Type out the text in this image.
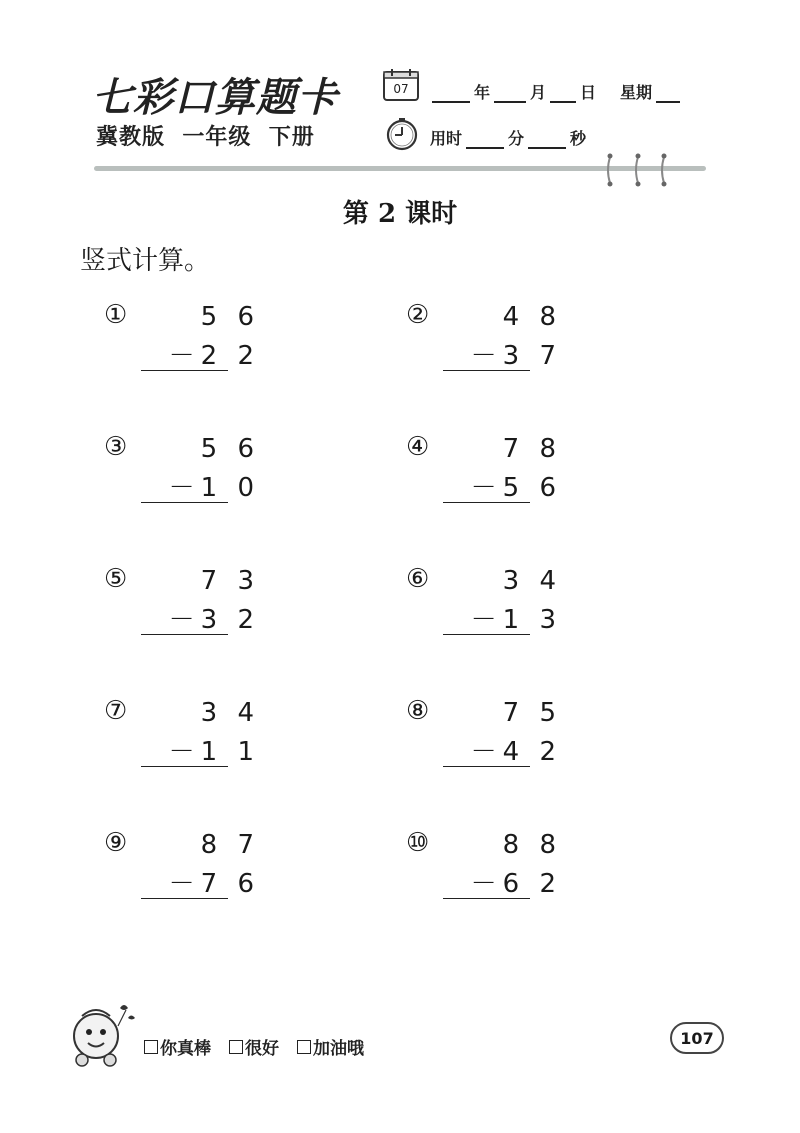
七彩口算题卡
冀教版 一年级 下册
07	年	月 日 星期
用时	分	秒
第 2 课时
竖式计算。
①	5 6
－2 2
②	4 8
－3 7
③	5 6
－1 0
④	7 8
－5 6
⑤	7 3
－3 2
⑥	3 4
－1 3
⑦	3 4
－1 1
⑧	7 5
－4 2
⑨	8 7
－7 6
⑩	8 8
－6 2
你真棒 很好 加油哦
107
